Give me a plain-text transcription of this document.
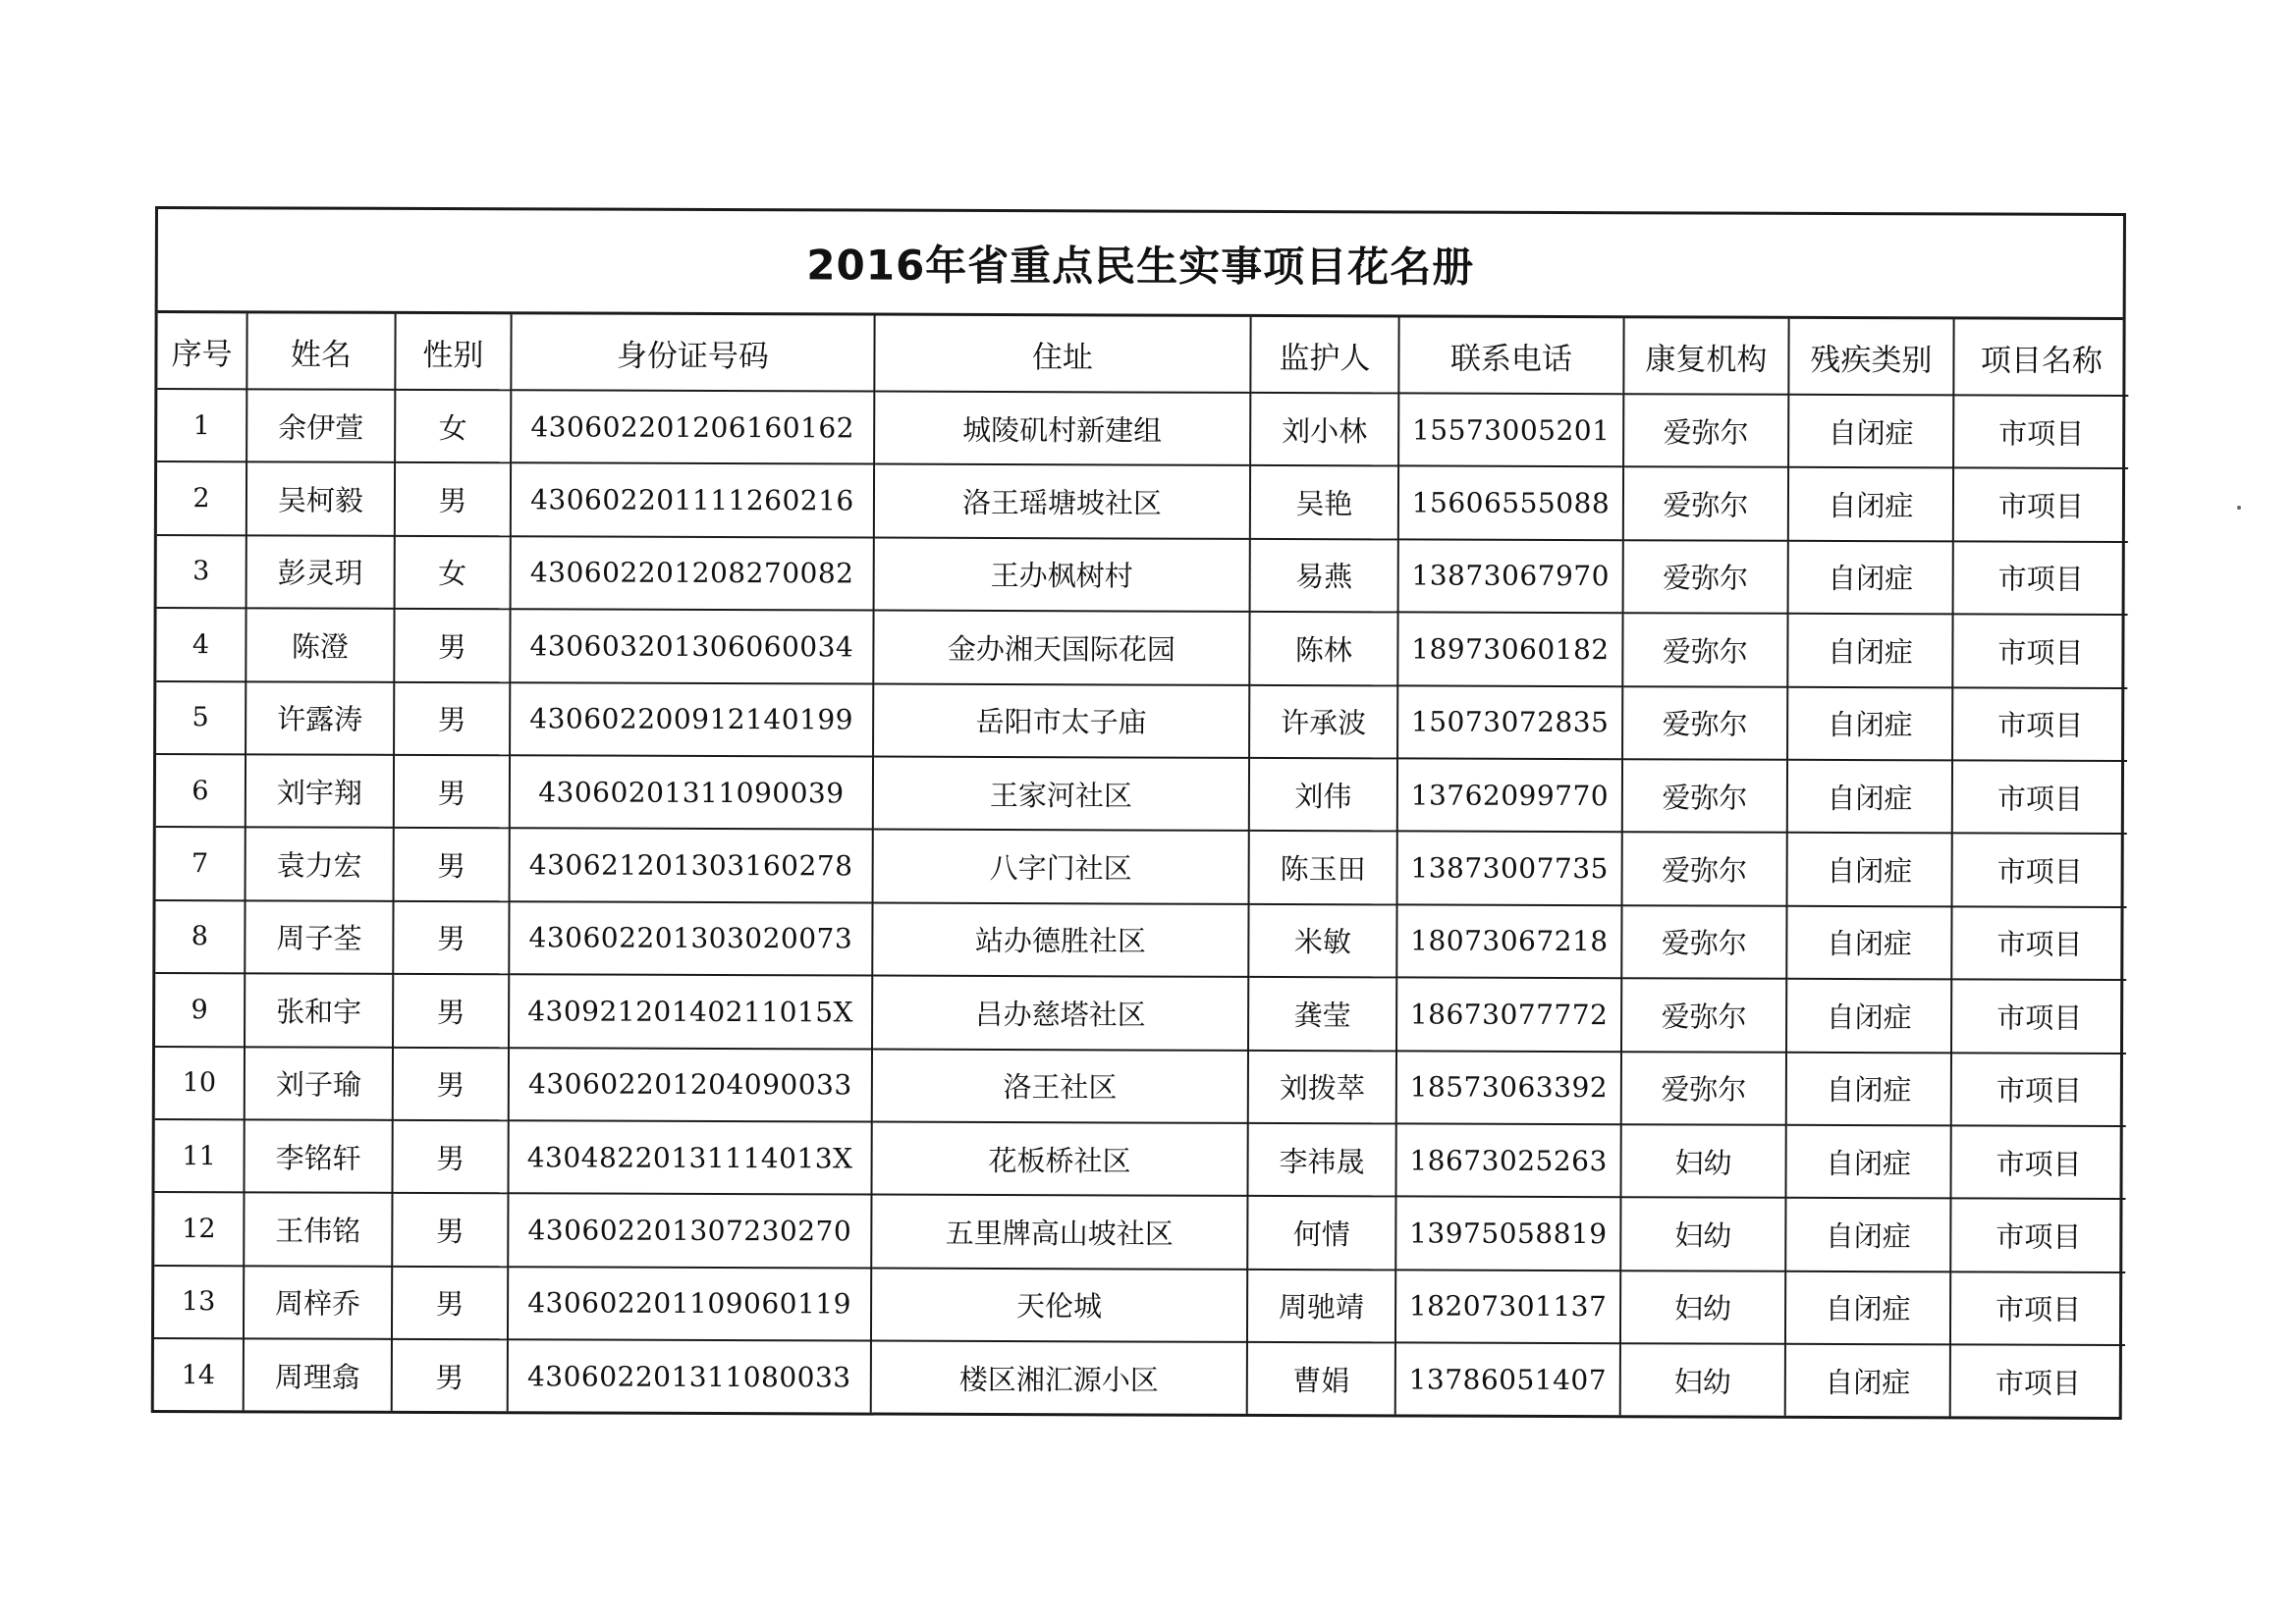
2016年省重点民生实事项目花名册
序号	姓名	性别	身份证号码	住址	监护人	联系电话	康复机构	残疾类别	项目名称
1	余伊萱	女	430602201206160162	城陵矶村新建组	刘小林	15573005201	爱弥尔	自闭症	市项目
2	吴柯毅	男	430602201111260216	洛王瑶塘坡社区	吴艳	15606555088	爱弥尔	自闭症	市项目
3	彭灵玥	女	430602201208270082	王办枫树村	易燕	13873067970	爱弥尔	自闭症	市项目
4	陈澄	男	430603201306060034	金办湘天国际花园	陈林	18973060182	爱弥尔	自闭症	市项目
5	许露涛	男	430602200912140199	岳阳市太子庙	许承波	15073072835	爱弥尔	自闭症	市项目
6	刘宇翔	男	43060201311090039	王家河社区	刘伟	13762099770	爱弥尔	自闭症	市项目
7	袁力宏	男	430621201303160278	八字门社区	陈玉田	13873007735	爱弥尔	自闭症	市项目
8	周子荃	男	430602201303020073	站办德胜社区	米敏	18073067218	爱弥尔	自闭症	市项目
9	张和宇	男	43092120140211015X	吕办慈塔社区	龚莹	18673077772	爱弥尔	自闭症	市项目
10	刘子瑜	男	430602201204090033	洛王社区	刘拨萃	18573063392	爱弥尔	自闭症	市项目
11	李铭轩	男	43048220131114013X	花板桥社区	李祎晟	18673025263	妇幼	自闭症	市项目
12	王伟铭	男	430602201307230270	五里牌高山坡社区	何情	13975058819	妇幼	自闭症	市项目
13	周梓乔	男	430602201109060119	天伦城	周驰靖	18207301137	妇幼	自闭症	市项目
14	周理翕	男	430602201311080033	楼区湘汇源小区	曹娟	13786051407	妇幼	自闭症	市项目
